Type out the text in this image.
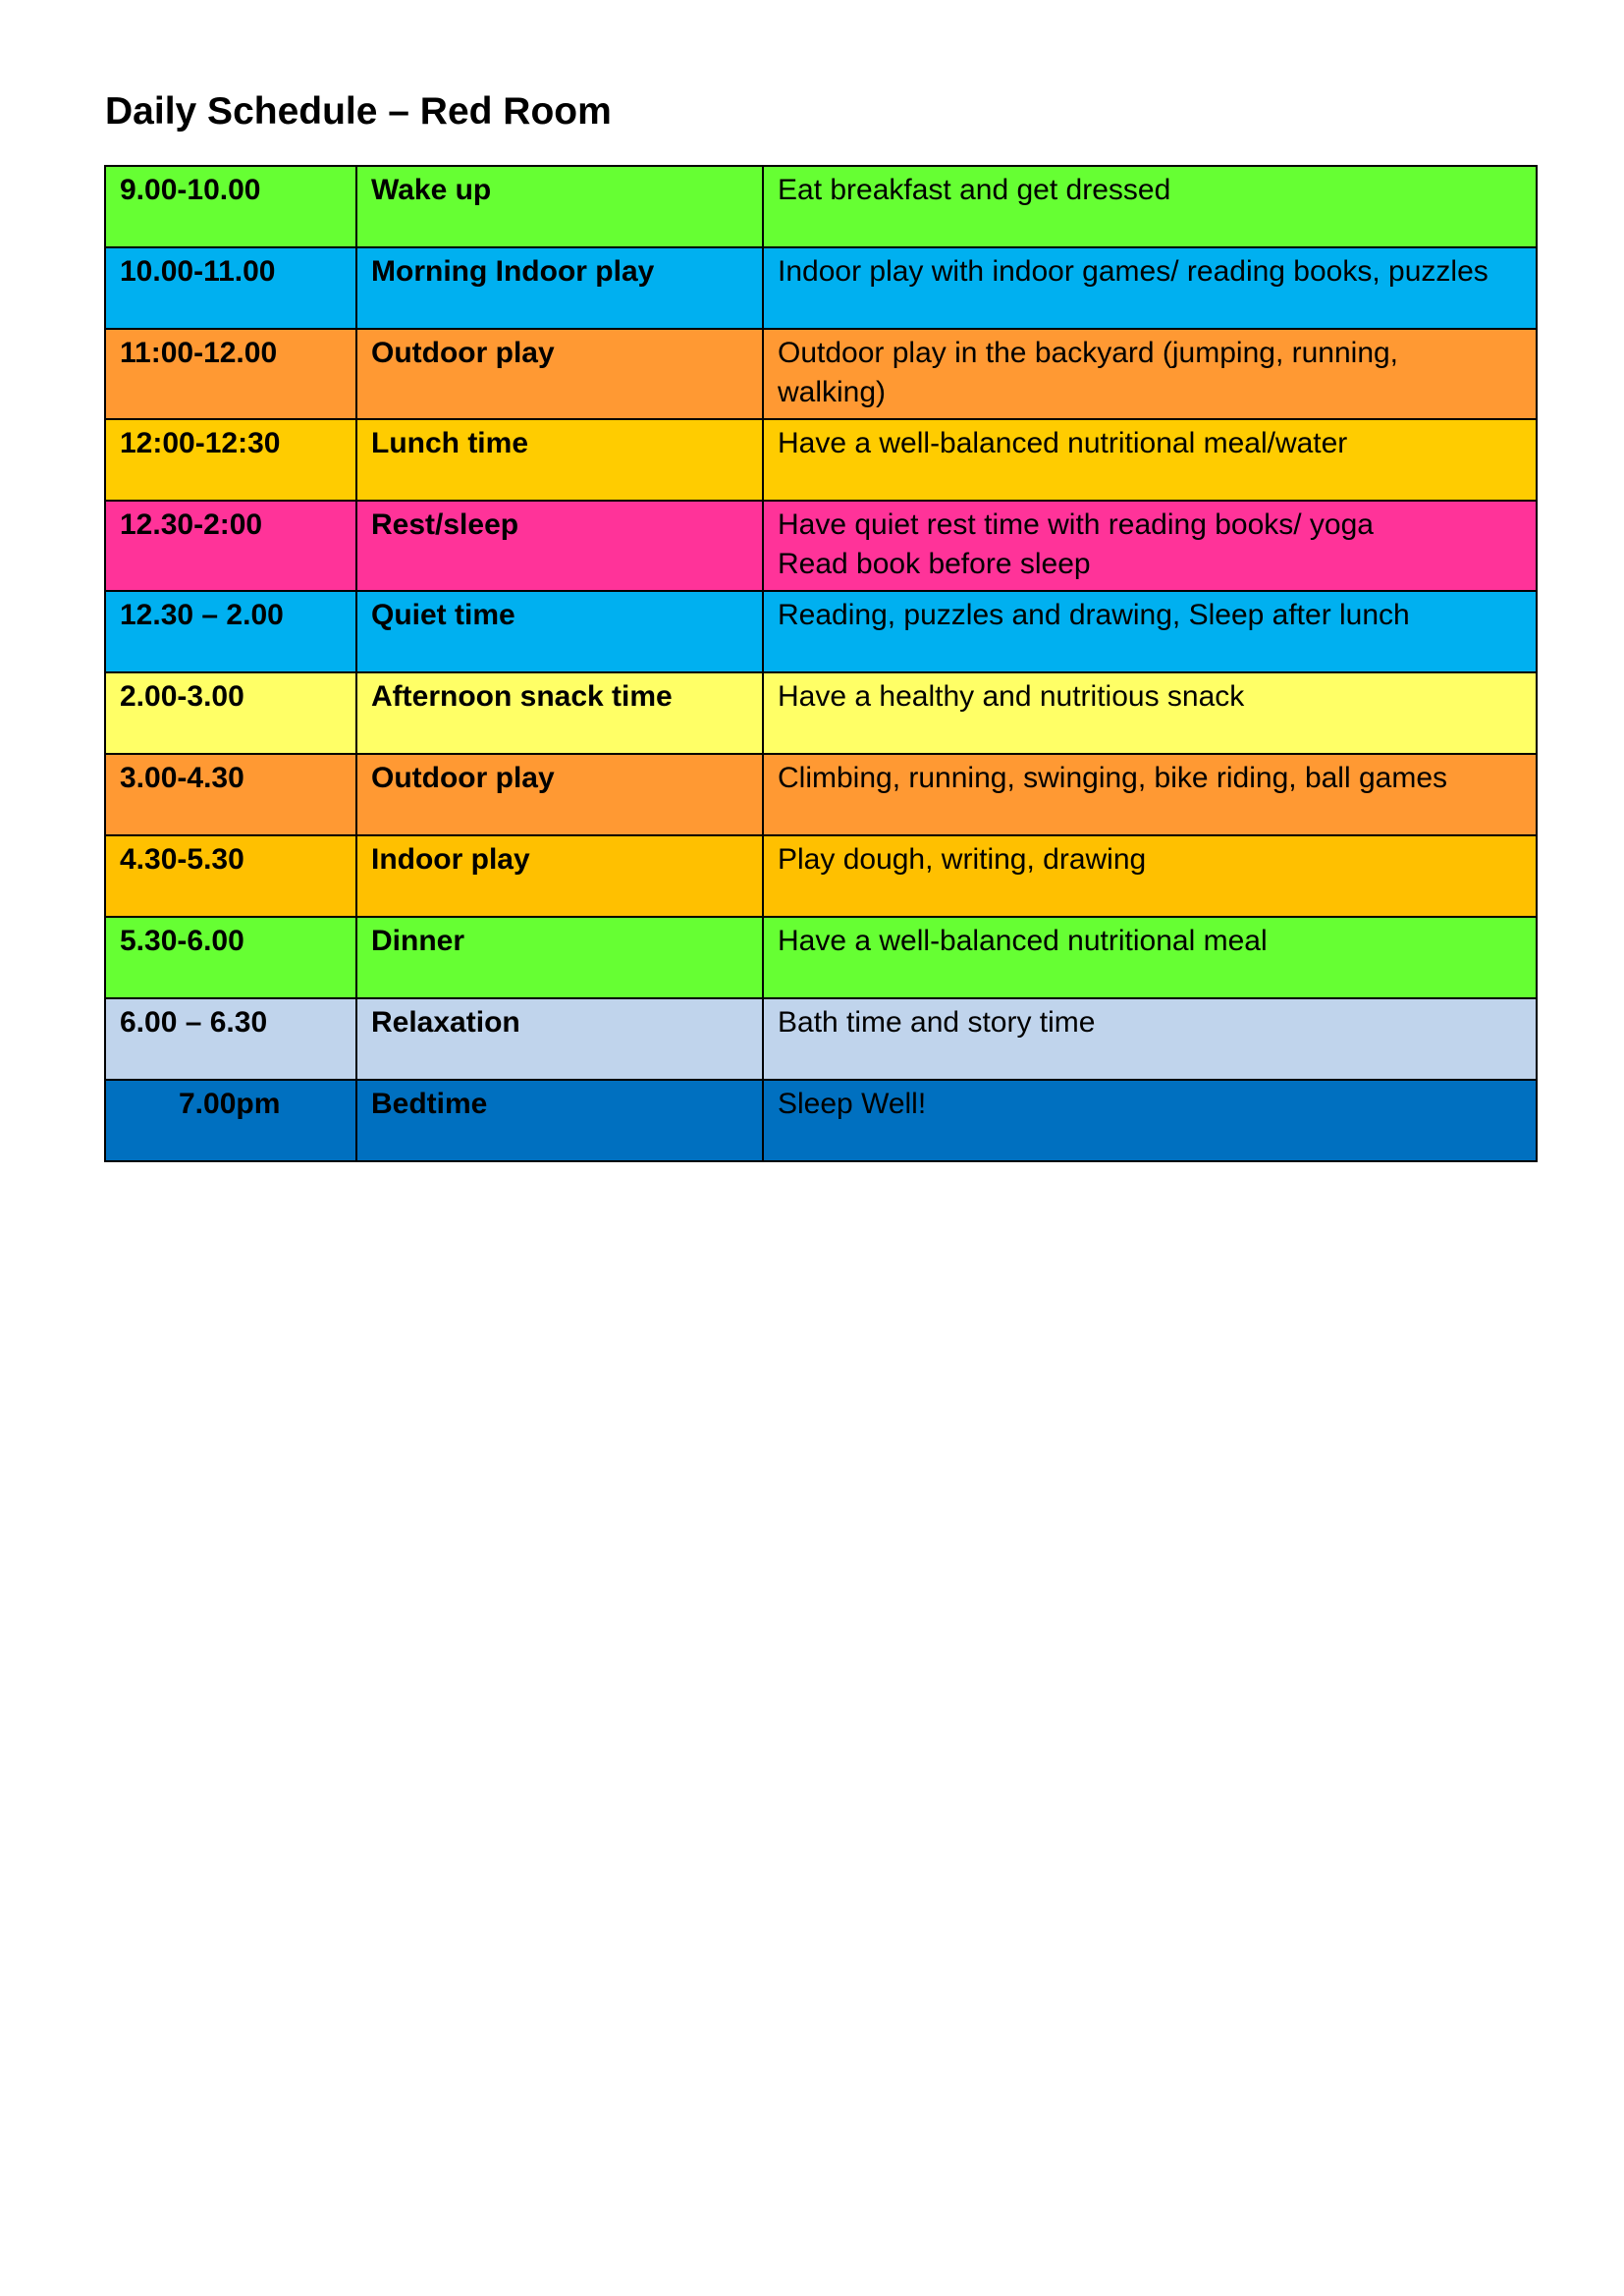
Daily Schedule – Red Room
9.00-10.00	Wake up	Eat breakfast and get dressed

10.00-11.00	Morning Indoor play	Indoor play with indoor games/ reading books, puzzles

11:00-12.00	Outdoor play	Outdoor play in the backyard (jumping, running,
walking)

12:00-12:30	Lunch time	Have a well-balanced nutritional meal/water

12.30-2:00	Rest/sleep	Have quiet rest time with reading books/ yoga
Read book before sleep

12.30 – 2.00	Quiet time	Reading, puzzles and drawing, Sleep after lunch

2.00-3.00	Afternoon snack time	Have a healthy and nutritious snack

3.00-4.30	Outdoor play	Climbing, running, swinging, bike riding, ball games

4.30-5.30	Indoor play	Play dough, writing, drawing

5.30-6.00	Dinner	Have a well-balanced nutritional meal

6.00 – 6.30	Relaxation	Bath time and story time

7.00pm	Bedtime	Sleep Well!
